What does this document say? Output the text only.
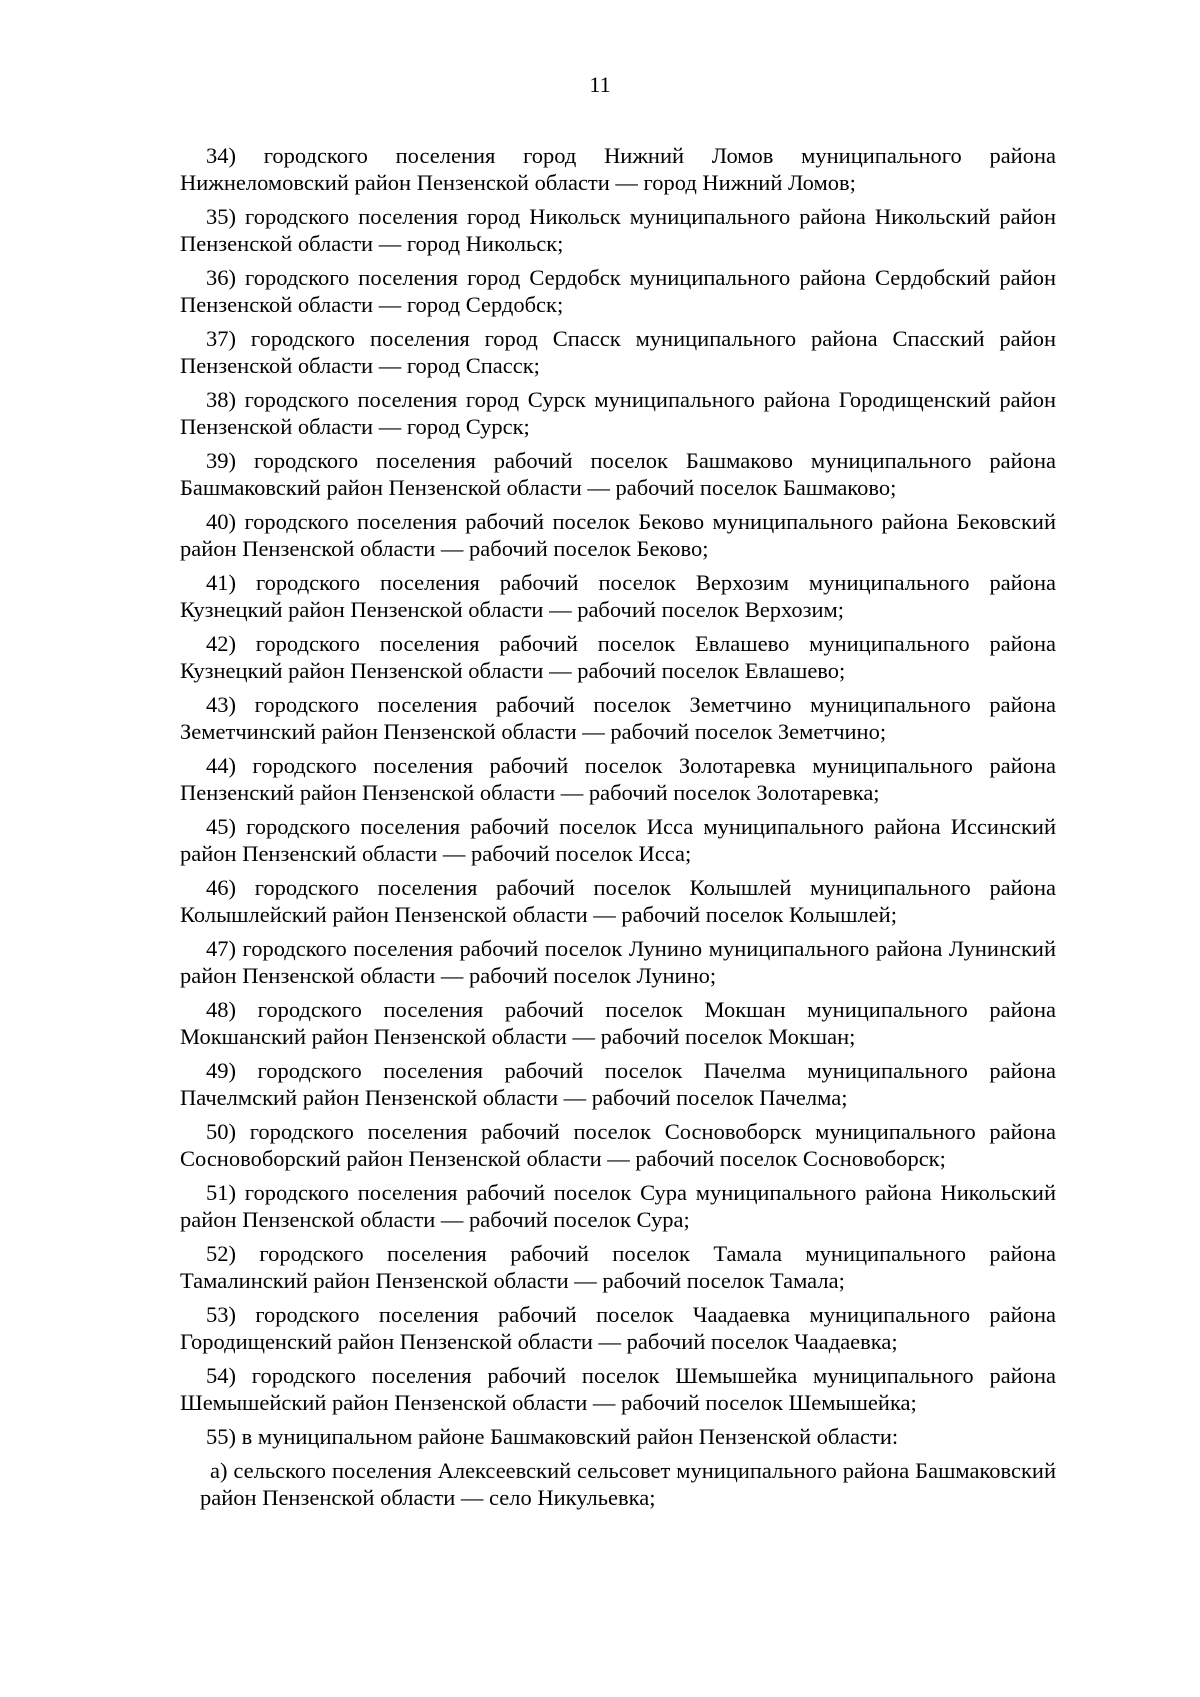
11

34) городского поселения город Нижний Ломов муниципального района Нижнеломовский район Пензенской области — город Нижний Ломов;

35) городского поселения город Никольск муниципального района Никольский район Пензенской области — город Никольск;

36) городского поселения город Сердобск муниципального района Сердобский район Пензенской области — город Сердобск;

37) городского поселения город Спасск муниципального района Спасский район Пензенской области — город Спасск;

38) городского поселения город Сурск муниципального района Городищенский район Пензенской области — город Сурск;

39) городского поселения рабочий поселок Башмаково муниципального района Башмаковский район Пензенской области — рабочий поселок Башмаково;

40) городского поселения рабочий поселок Беково муниципального района Бековский район Пензенской области — рабочий поселок Беково;

41) городского поселения рабочий поселок Верхозим муниципального района Кузнецкий район Пензенской области — рабочий поселок Верхозим;

42) городского поселения рабочий поселок Евлашево муниципального района Кузнецкий район Пензенской области — рабочий поселок Евлашево;

43) городского поселения рабочий поселок Земетчино муниципального района Земетчинский район Пензенской области — рабочий поселок Земетчино;

44) городского поселения рабочий поселок Золотаревка муниципального района Пензенский район Пензенской области — рабочий поселок Золотаревка;

45) городского поселения рабочий поселок Исса муниципального района Иссинский район Пензенский области — рабочий поселок Исса;

46) городского поселения рабочий поселок Колышлей муниципального района Колышлейский район Пензенской области — рабочий поселок Колышлей;

47) городского поселения рабочий поселок Лунино муниципального района Лунинский район Пензенской области — рабочий поселок Лунино;

48) городского поселения рабочий поселок Мокшан муниципального района Мокшанский район Пензенской области — рабочий поселок Мокшан;

49) городского поселения рабочий поселок Пачелма муниципального района Пачелмский район Пензенской области — рабочий поселок Пачелма;

50) городского поселения рабочий поселок Сосновоборск муниципального района Сосновоборский район Пензенской области — рабочий поселок Сосновоборск;

51) городского поселения рабочий поселок Сура муниципального района Никольский район Пензенской области — рабочий поселок Сура;

52) городского поселения рабочий поселок Тамала муниципального района Тамалинский район Пензенской области — рабочий поселок Тамала;

53) городского поселения рабочий поселок Чаадаевка муниципального района Городищенский район Пензенской области — рабочий поселок Чаадаевка;

54) городского поселения рабочий поселок Шемышейка муниципального района Шемышейский район Пензенской области — рабочий поселок Шемышейка;

55) в муниципальном районе Башмаковский район Пензенской области:

а) сельского поселения Алексеевский сельсовет муниципального района Башмаковский район Пензенской области — село Никульевка;
